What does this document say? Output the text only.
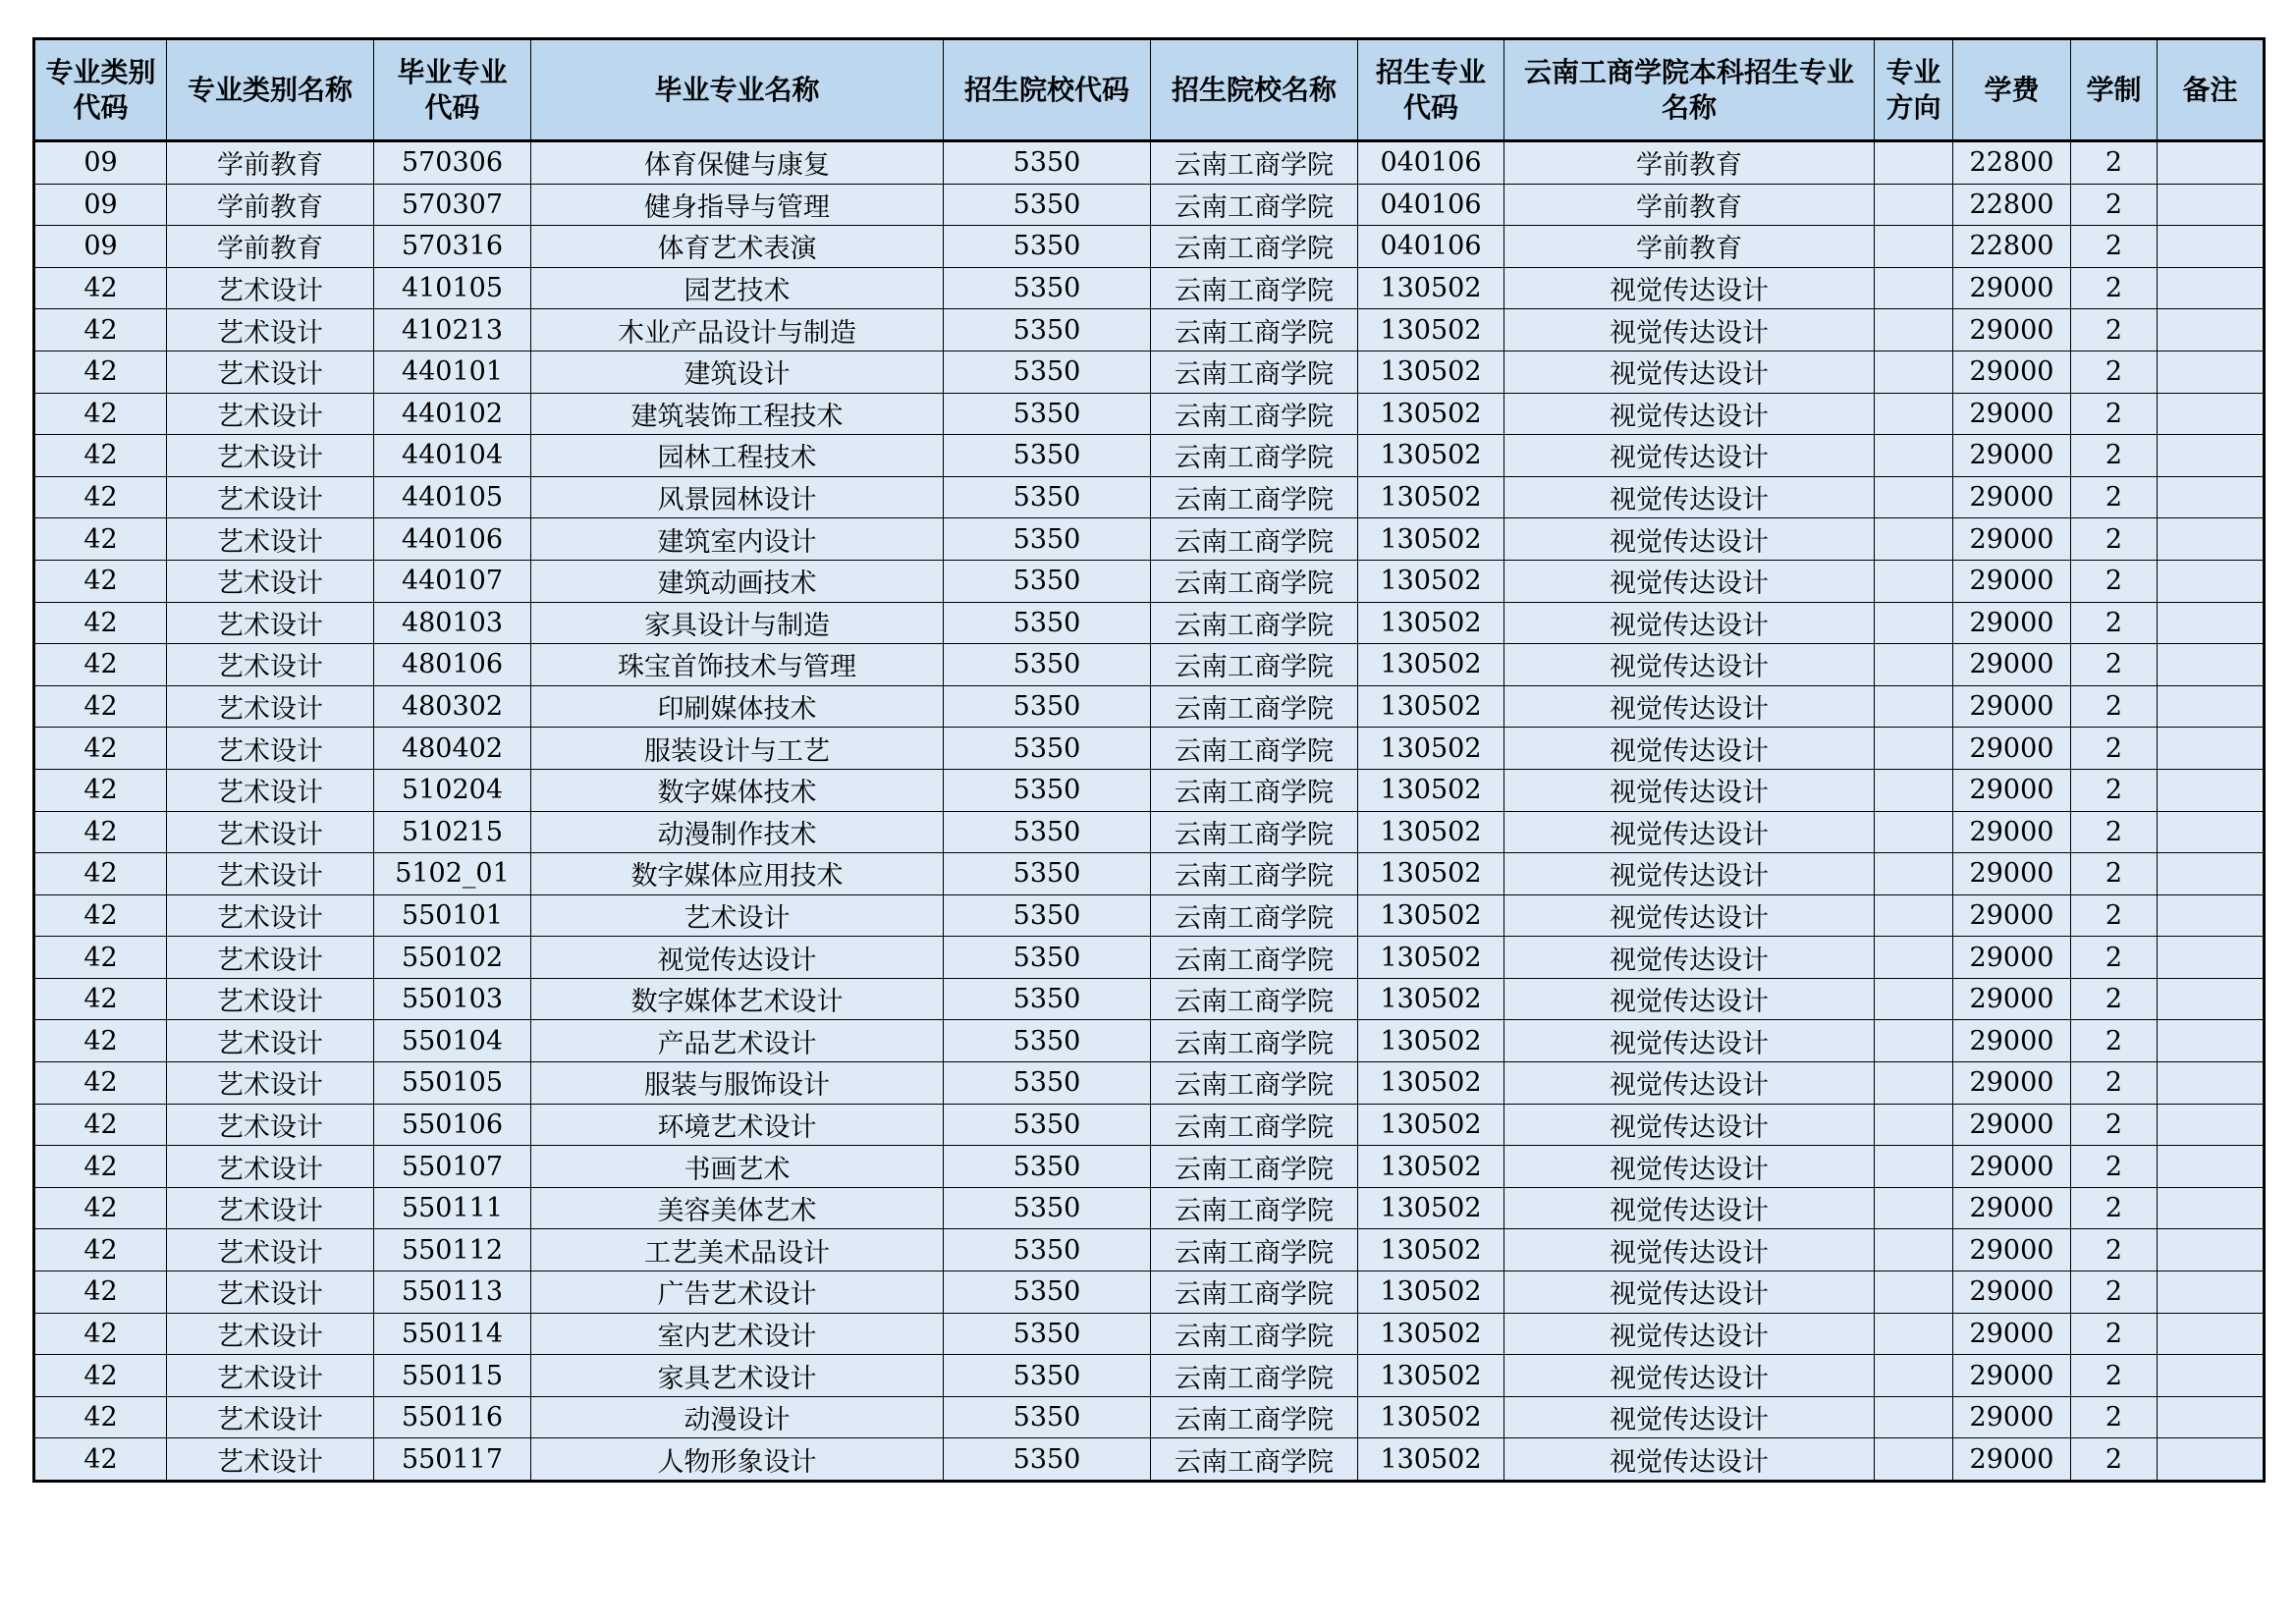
专业类别代码	专业类别名称	毕业专业代码	毕业专业名称	招生院校代码	招生院校名称	招生专业代码	云南工商学院本科招生专业名称	专业方向	学费	学制	备注
09	学前教育	570306	体育保健与康复	5350	云南工商学院	040106	学前教育		22800	2	
09	学前教育	570307	健身指导与管理	5350	云南工商学院	040106	学前教育		22800	2	
09	学前教育	570316	体育艺术表演	5350	云南工商学院	040106	学前教育		22800	2	
42	艺术设计	410105	园艺技术	5350	云南工商学院	130502	视觉传达设计		29000	2	
42	艺术设计	410213	木业产品设计与制造	5350	云南工商学院	130502	视觉传达设计		29000	2	
42	艺术设计	440101	建筑设计	5350	云南工商学院	130502	视觉传达设计		29000	2	
42	艺术设计	440102	建筑装饰工程技术	5350	云南工商学院	130502	视觉传达设计		29000	2	
42	艺术设计	440104	园林工程技术	5350	云南工商学院	130502	视觉传达设计		29000	2	
42	艺术设计	440105	风景园林设计	5350	云南工商学院	130502	视觉传达设计		29000	2	
42	艺术设计	440106	建筑室内设计	5350	云南工商学院	130502	视觉传达设计		29000	2	
42	艺术设计	440107	建筑动画技术	5350	云南工商学院	130502	视觉传达设计		29000	2	
42	艺术设计	480103	家具设计与制造	5350	云南工商学院	130502	视觉传达设计		29000	2	
42	艺术设计	480106	珠宝首饰技术与管理	5350	云南工商学院	130502	视觉传达设计		29000	2	
42	艺术设计	480302	印刷媒体技术	5350	云南工商学院	130502	视觉传达设计		29000	2	
42	艺术设计	480402	服装设计与工艺	5350	云南工商学院	130502	视觉传达设计		29000	2	
42	艺术设计	510204	数字媒体技术	5350	云南工商学院	130502	视觉传达设计		29000	2	
42	艺术设计	510215	动漫制作技术	5350	云南工商学院	130502	视觉传达设计		29000	2	
42	艺术设计	5102_01	数字媒体应用技术	5350	云南工商学院	130502	视觉传达设计		29000	2	
42	艺术设计	550101	艺术设计	5350	云南工商学院	130502	视觉传达设计		29000	2	
42	艺术设计	550102	视觉传达设计	5350	云南工商学院	130502	视觉传达设计		29000	2	
42	艺术设计	550103	数字媒体艺术设计	5350	云南工商学院	130502	视觉传达设计		29000	2	
42	艺术设计	550104	产品艺术设计	5350	云南工商学院	130502	视觉传达设计		29000	2	
42	艺术设计	550105	服装与服饰设计	5350	云南工商学院	130502	视觉传达设计		29000	2	
42	艺术设计	550106	环境艺术设计	5350	云南工商学院	130502	视觉传达设计		29000	2	
42	艺术设计	550107	书画艺术	5350	云南工商学院	130502	视觉传达设计		29000	2	
42	艺术设计	550111	美容美体艺术	5350	云南工商学院	130502	视觉传达设计		29000	2	
42	艺术设计	550112	工艺美术品设计	5350	云南工商学院	130502	视觉传达设计		29000	2	
42	艺术设计	550113	广告艺术设计	5350	云南工商学院	130502	视觉传达设计		29000	2	
42	艺术设计	550114	室内艺术设计	5350	云南工商学院	130502	视觉传达设计		29000	2	
42	艺术设计	550115	家具艺术设计	5350	云南工商学院	130502	视觉传达设计		29000	2	
42	艺术设计	550116	动漫设计	5350	云南工商学院	130502	视觉传达设计		29000	2	
42	艺术设计	550117	人物形象设计	5350	云南工商学院	130502	视觉传达设计		29000	2	
